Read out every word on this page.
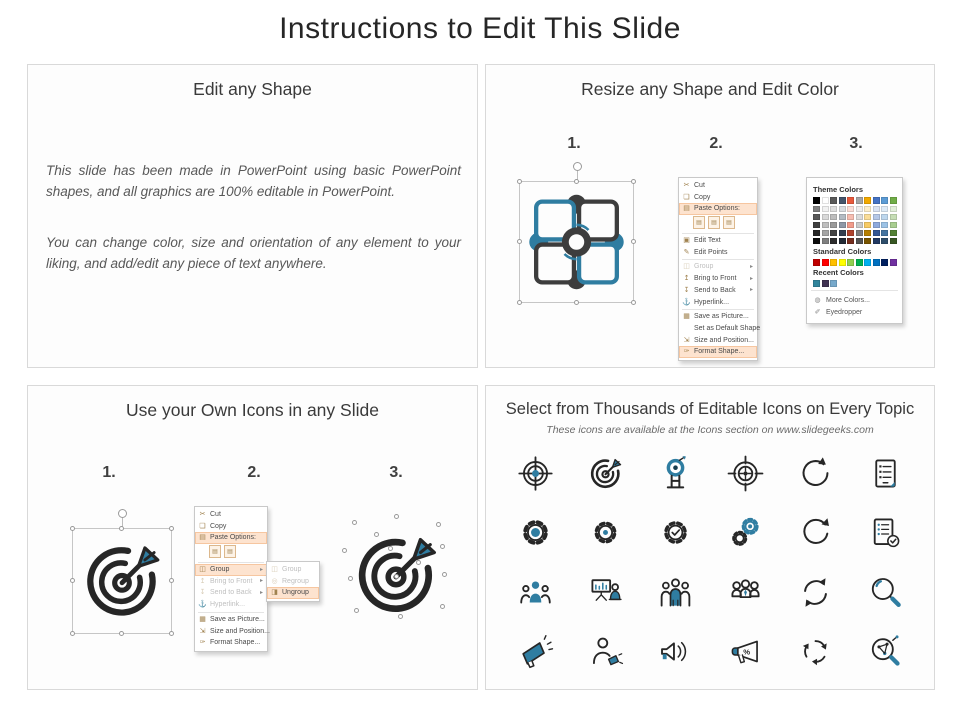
Instructions to Edit This Slide
Edit any Shape
This slide has been made in PowerPoint using basic PowerPoint shapes, and all graphics are 100% editable in PowerPoint.
You can change color, size and orientation of any element to your liking, and add/edit any piece of text anywhere.
Resize any Shape and Edit Color
1.	2.	3.
✂ Cut
❏ Copy
▤ Paste Options:
▤	▤	▤
▣ Edit Text
✎ Edit Points
◫ Group	▸
↥ Bring to Front	▸
↧ Send to Back	▸
⚓ Hyperlink...
▦ Save as Picture...
Set as Default Shape
⇲ Size and Position...
✑ Format Shape...
Theme Colors
Standard Colors
Recent Colors
◍ More Colors...
✐ Eyedropper
Use your Own Icons in any Slide
1.	2.	3.
✂ Cut
❏ Copy
▤ Paste Options:
▤	▤
◫ Group	▸
↥ Bring to Front	▸
↧ Send to Back	▸
⚓ Hyperlink...
▦ Save as Picture...
⇲ Size and Position...
✑ Format Shape...
◫ Group
◎ Regroup
◨ Ungroup
Select from Thousands of Editable Icons on Every Topic
These icons are available at the Icons section on www.slidegeeks.com
%
